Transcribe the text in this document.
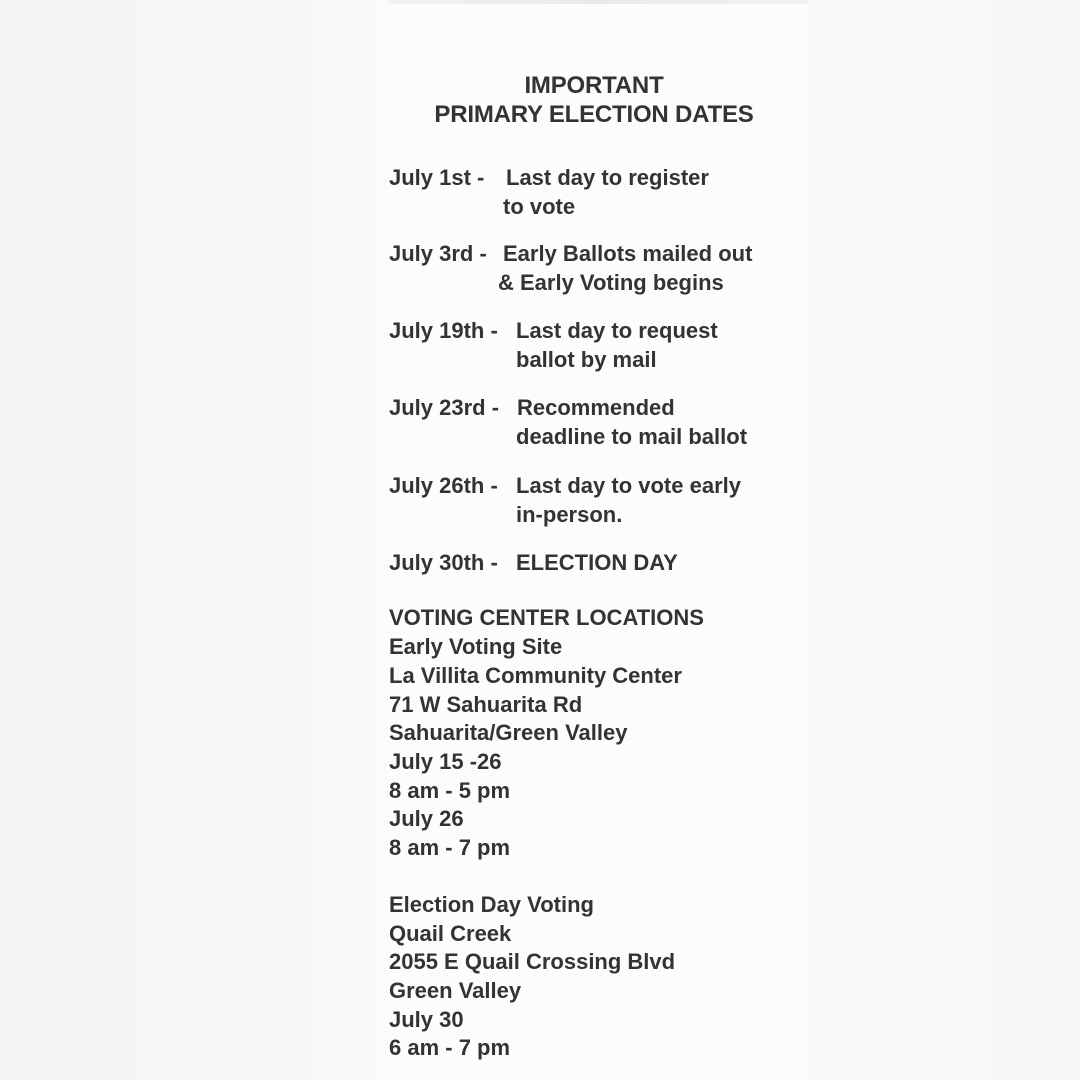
IMPORTANT
PRIMARY ELECTION DATES
July 1st - Last day to register
to vote
July 3rd - Early Ballots mailed out
& Early Voting begins
July 19th - Last day to request
ballot by mail
July 23rd - Recommended
deadline to mail ballot
July 26th - Last day to vote early
in-person.
July 30th - ELECTION DAY
VOTING CENTER LOCATIONS
Early Voting Site
La Villita Community Center
71 W Sahuarita Rd
Sahuarita/Green Valley
July 15 -26
8 am - 5 pm
July 26
8 am - 7 pm
Election Day Voting
Quail Creek
2055 E Quail Crossing Blvd
Green Valley
July 30
6 am - 7 pm
